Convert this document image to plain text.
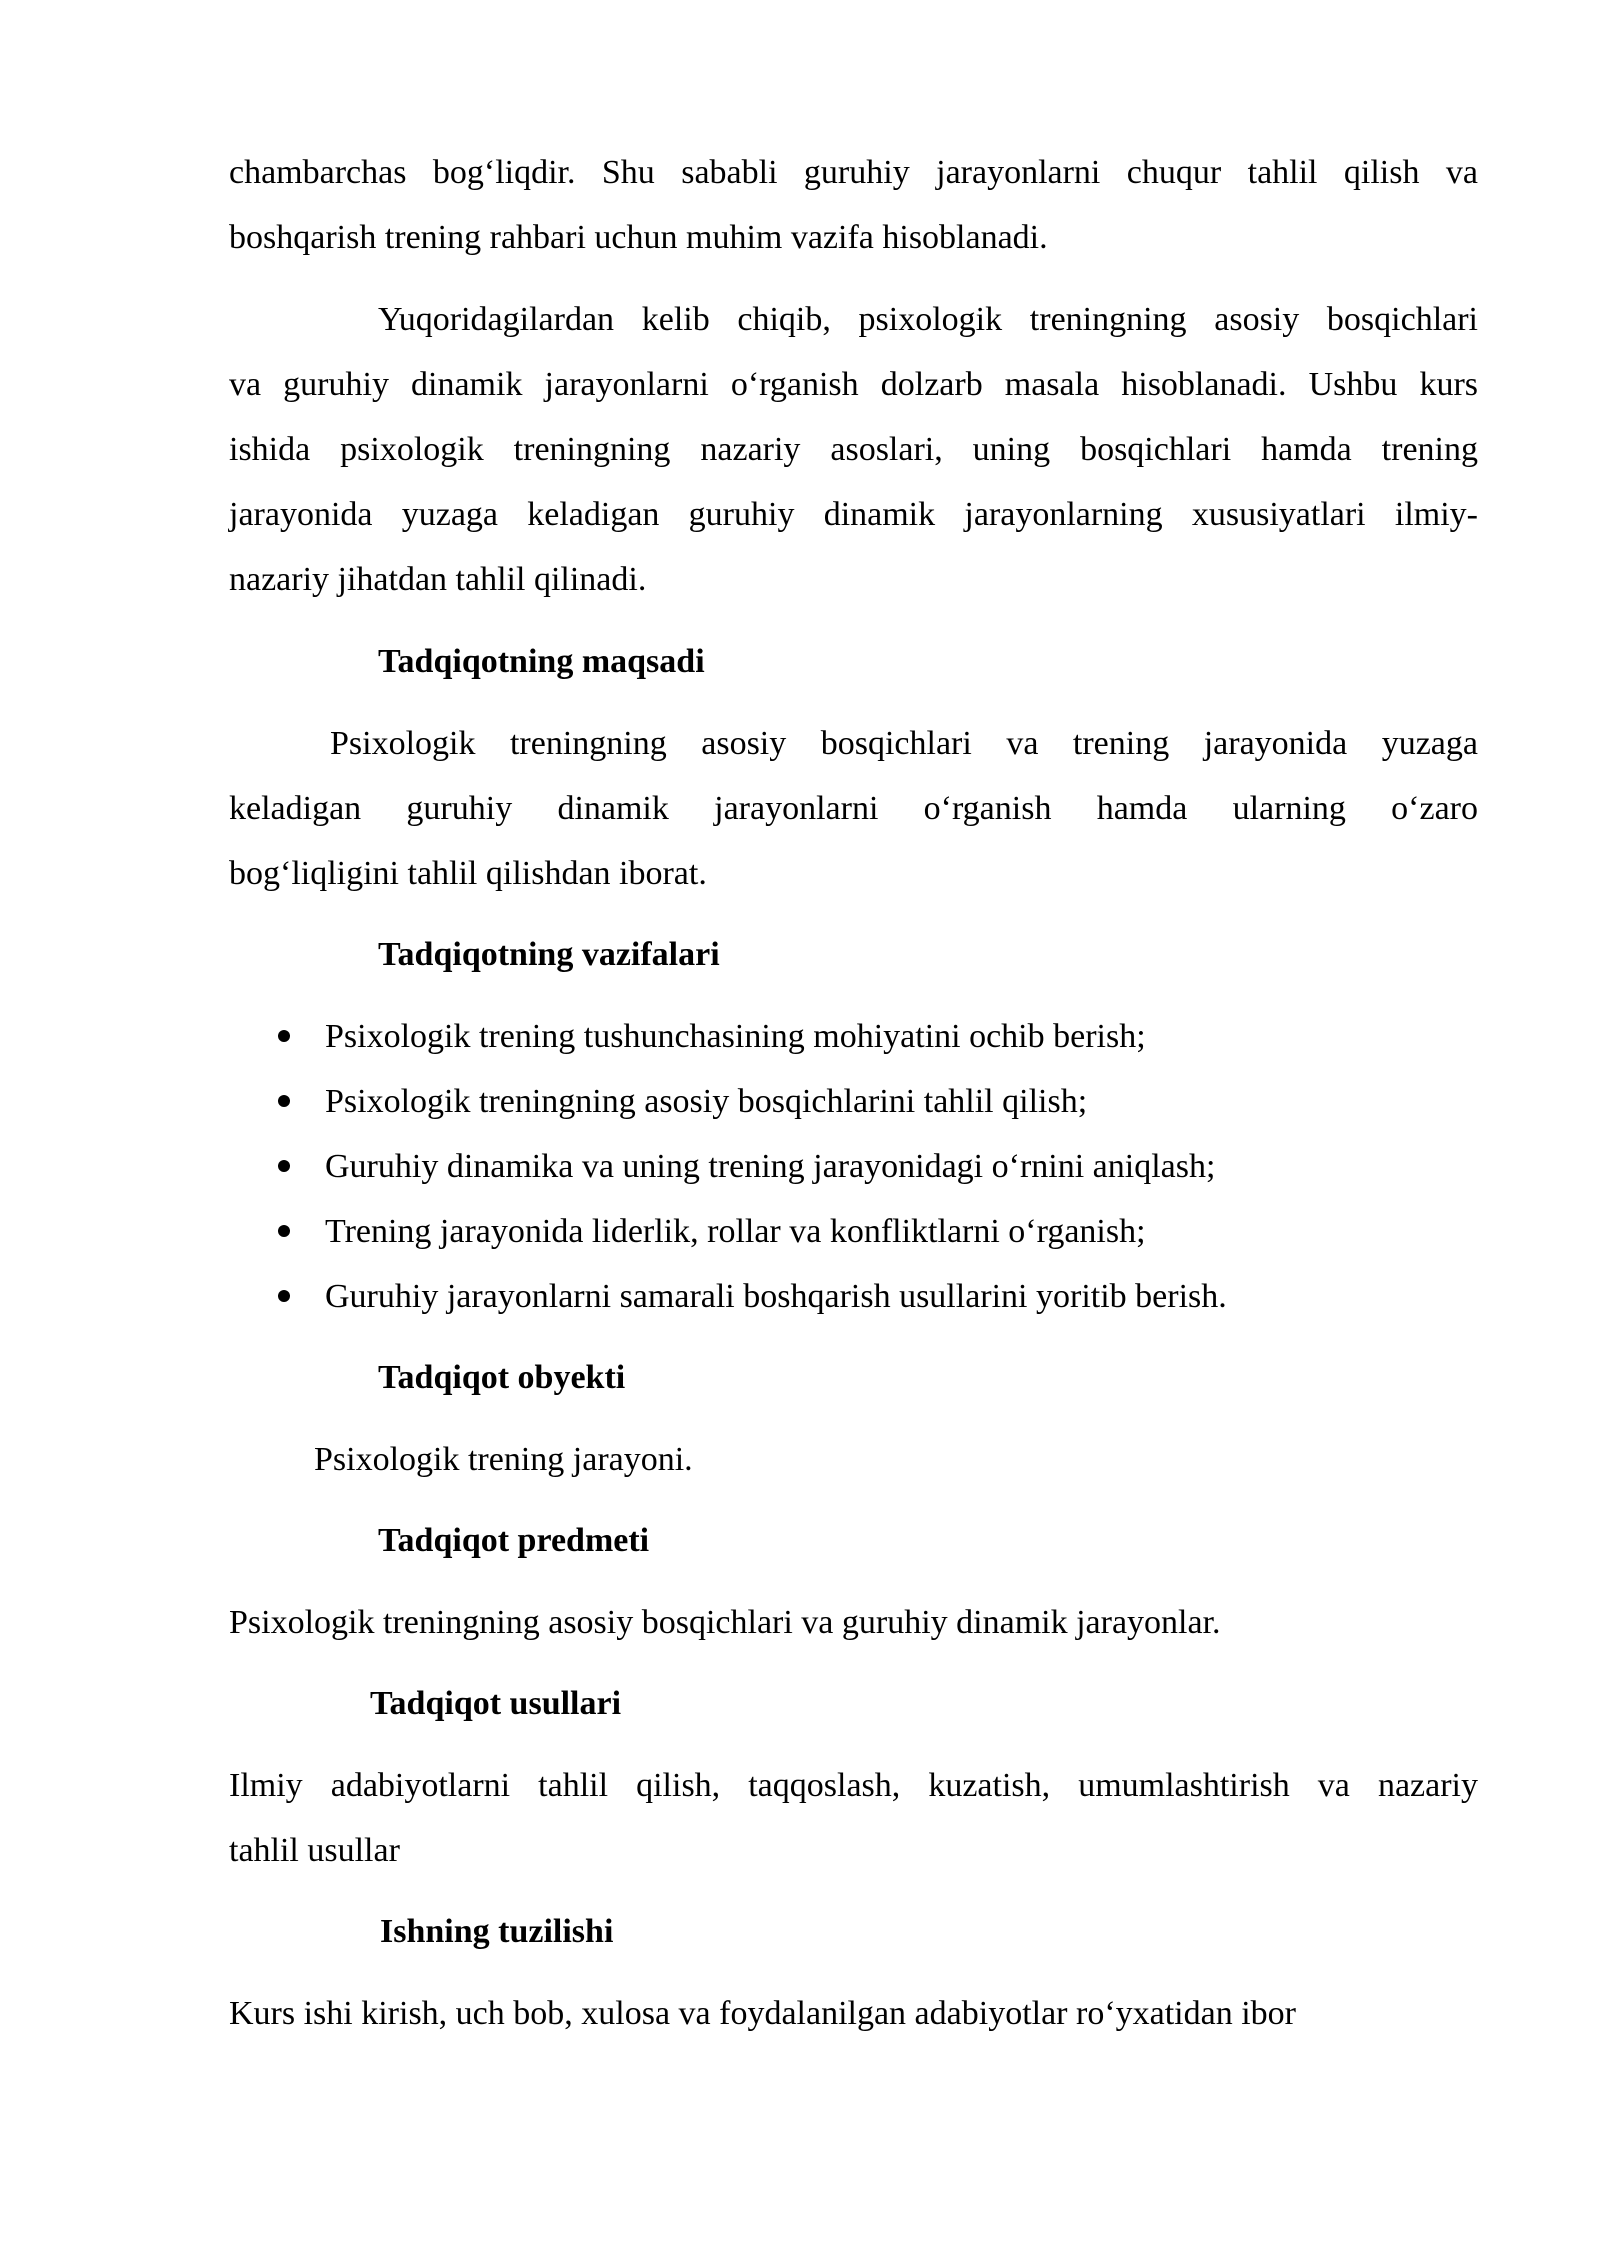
chambarchas bog‘liqdir. Shu sababli guruhiy jarayonlarni chuqur tahlil qilish va
boshqarish trening rahbari uchun muhim vazifa hisoblanadi.
Yuqoridagilardan kelib chiqib, psixologik treningning asosiy bosqichlari
va guruhiy dinamik jarayonlarni o‘rganish dolzarb masala hisoblanadi. Ushbu kurs
ishida psixologik treningning nazariy asoslari, uning bosqichlari hamda trening
jarayonida yuzaga keladigan guruhiy dinamik jarayonlarning xususiyatlari ilmiy-
nazariy jihatdan tahlil qilinadi.
Tadqiqotning maqsadi
Psixologik treningning asosiy bosqichlari va trening jarayonida yuzaga
keladigan guruhiy dinamik jarayonlarni o‘rganish hamda ularning o‘zaro
bog‘liqligini tahlil qilishdan iborat.
Tadqiqotning vazifalari
Psixologik trening tushunchasining mohiyatini ochib berish;
Psixologik treningning asosiy bosqichlarini tahlil qilish;
Guruhiy dinamika va uning trening jarayonidagi o‘rnini aniqlash;
Trening jarayonida liderlik, rollar va konfliktlarni o‘rganish;
Guruhiy jarayonlarni samarali boshqarish usullarini yoritib berish.
Tadqiqot obyekti
Psixologik trening jarayoni.
Tadqiqot predmeti
Psixologik treningning asosiy bosqichlari va guruhiy dinamik jarayonlar.
Tadqiqot usullari
Ilmiy adabiyotlarni tahlil qilish, taqqoslash, kuzatish, umumlashtirish va nazariy
tahlil usullar
Ishning tuzilishi
Kurs ishi kirish, uch bob, xulosa va foydalanilgan adabiyotlar ro‘yxatidan ibor
